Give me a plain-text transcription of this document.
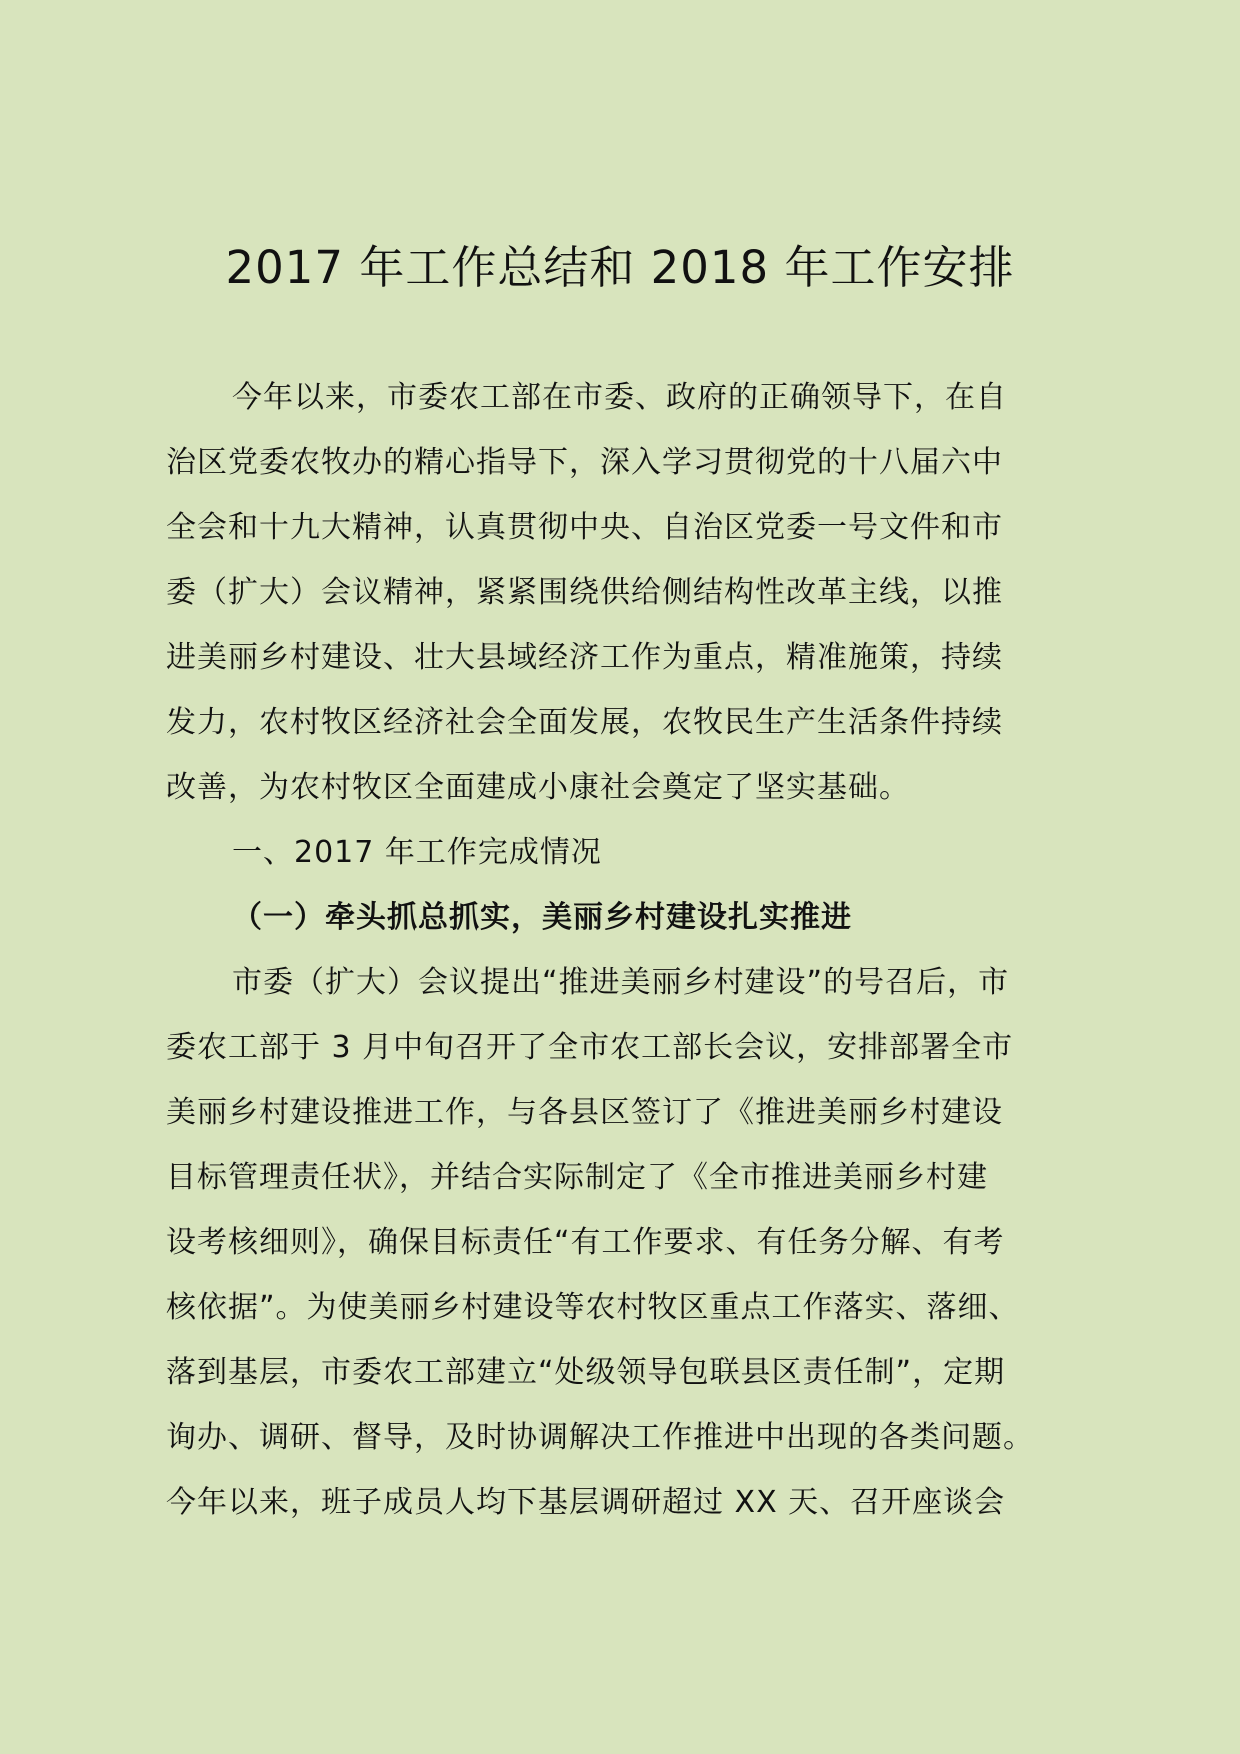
2017 年工作总结和 2018 年工作安排
今年以来，市委农工部在市委、政府的正确领导下，在自
治区党委农牧办的精心指导下，深入学习贯彻党的十八届六中
全会和十九大精神，认真贯彻中央、自治区党委一号文件和市
委（扩大）会议精神，紧紧围绕供给侧结构性改革主线，以推
进美丽乡村建设、壮大县域经济工作为重点，精准施策，持续
发力，农村牧区经济社会全面发展，农牧民生产生活条件持续
改善，为农村牧区全面建成小康社会奠定了坚实基础。
一、2017 年工作完成情况
（一）牵头抓总抓实，美丽乡村建设扎实推进
市委（扩大）会议提出“推进美丽乡村建设”的号召后，市
委农工部于 3 月中旬召开了全市农工部长会议，安排部署全市
美丽乡村建设推进工作，与各县区签订了《推进美丽乡村建设
目标管理责任状》，并结合实际制定了《全市推进美丽乡村建
设考核细则》，确保目标责任“有工作要求、有任务分解、有考
核依据”。为使美丽乡村建设等农村牧区重点工作落实、落细、
落到基层，市委农工部建立“处级领导包联县区责任制”，定期
询办、调研、督导，及时协调解决工作推进中出现的各类问题。
今年以来，班子成员人均下基层调研超过 XX 天、召开座谈会
